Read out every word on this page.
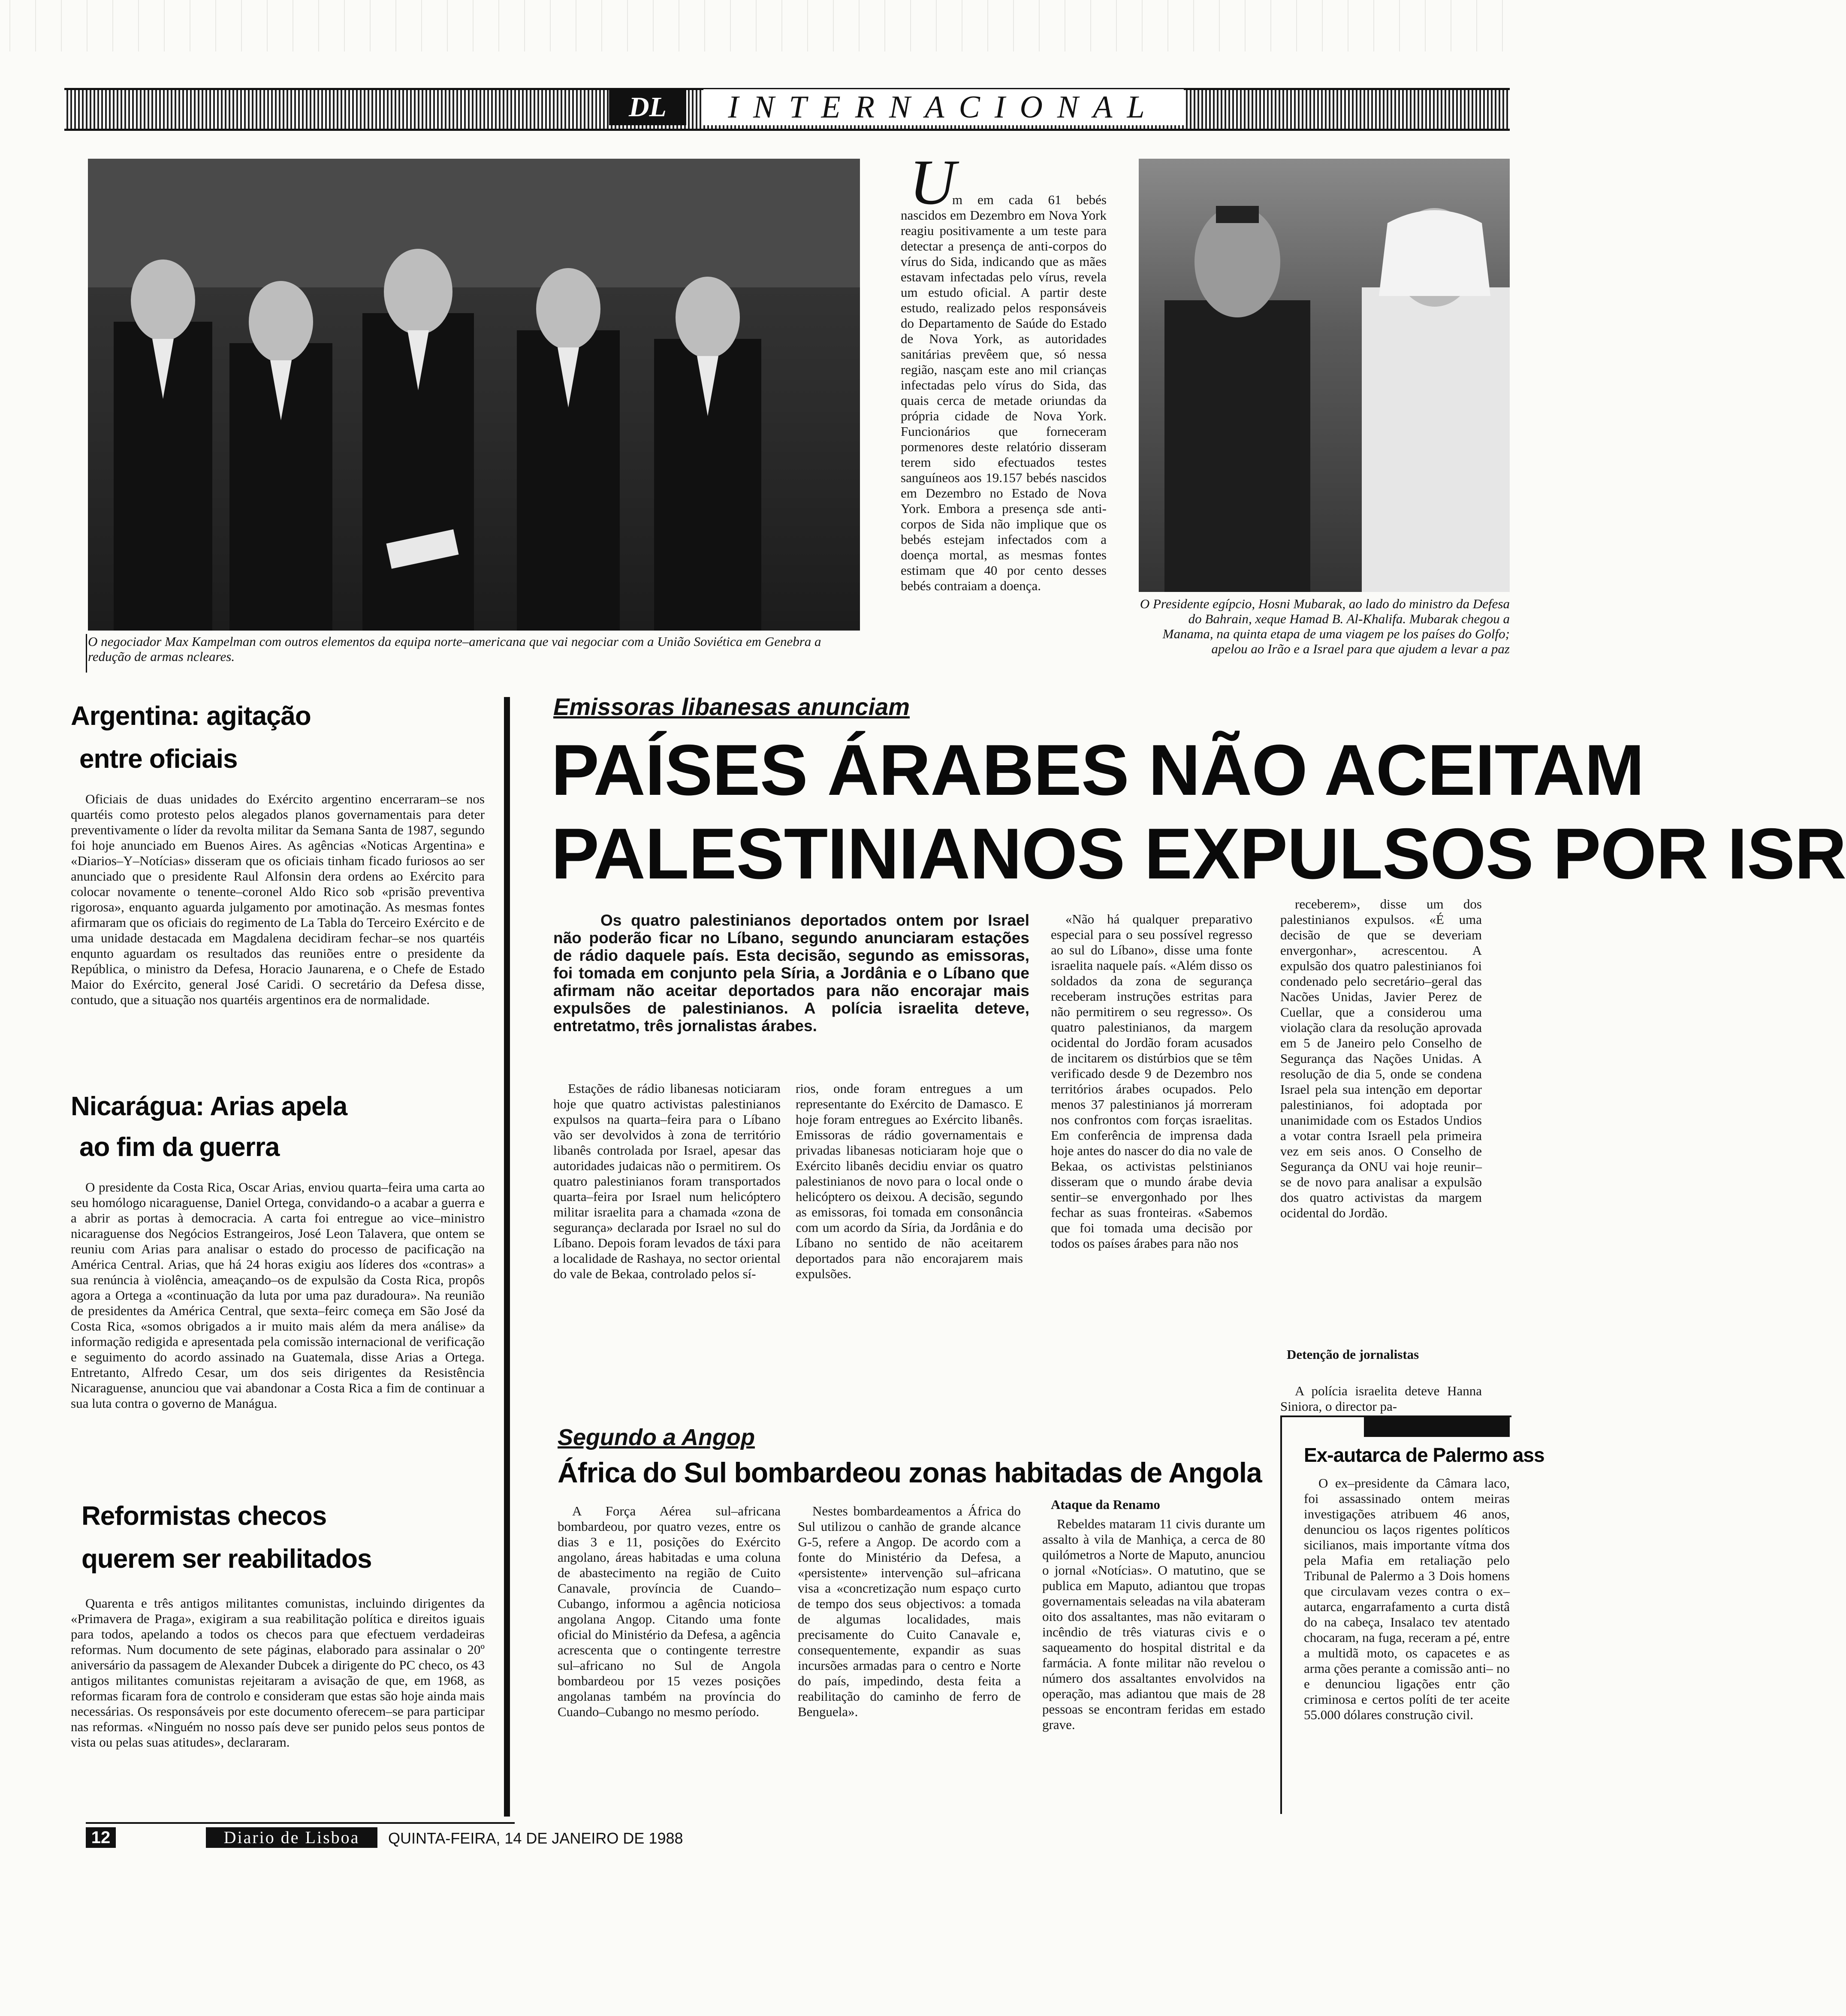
DL	INTERNACIONAL
O negociador Max Kampelman com outros elementos da equipa norte–americana que vai negociar com a União Soviética em Genebra a redução de armas ncleares.
U
m em cada 61 bebés nascidos em Dezembro em Nova York reagiu positivamente a um teste para detectar a presença de anti-corpos do vírus do Sida, indicando que as mães estavam infectadas pelo vírus, revela um estudo oficial. A partir deste estudo, realizado pelos responsáveis do Departamento de Saúde do Estado de Nova York, as autoridades sanitárias prevêem que, só nessa região, nasçam este ano mil crianças infectadas pelo vírus do Sida, das quais cerca de metade oriundas da própria cidade de Nova York. Funcionários que forneceram pormenores deste relatório disseram terem sido efectuados testes sanguíneos aos 19.157 bebés nascidos em Dezembro no Estado de Nova York. Embora a presença sde anti-corpos de Sida não implique que os bebés estejam infectados com a doença mortal, as mesmas fontes estimam que 40 por cento desses bebés contraiam a doença.
O Presidente egípcio, Hosni Mubarak, ao lado do ministro da Defesa do Bahrain, xeque Hamad B. Al-Khalifa. Mubarak chegou a Manama, na quinta etapa de uma viagem pe los países do Golfo; apelou ao Irão e a Israel para que ajudem a levar a paz
Argentina: agitação
entre oficiais
Oficiais de duas unidades do Exército argentino encerraram–se nos quartéis como protesto pelos alegados planos governamentais para deter preventivamente o líder da revolta militar da Semana Santa de 1987, segundo foi hoje anunciado em Buenos Aires. As agências «Noticas Argentina» e «Diarios–Y–Notícias» disseram que os oficiais tinham ficado furiosos ao ser anunciado que o presidente Raul Alfonsin dera ordens ao Exército para colocar novamente o tenente–coronel Aldo Rico sob «prisão preventiva rigorosa», enquanto aguarda julgamento por amotinação. As mesmas fontes afirmaram que os oficiais do regimento de La Tabla do Terceiro Exército e de uma unidade destacada em Magdalena decidiram fechar–se nos quartéis enqunto aguardam os resultados das reuniões entre o presidente da República, o ministro da Defesa, Horacio Jaunarena, e o Chefe de Estado Maior do Exército, general José Caridi. O secretário da Defesa disse, contudo, que a situação nos quartéis argentinos era de normalidade.
Nicarágua: Arias apela
ao fim da guerra
O presidente da Costa Rica, Oscar Arias, enviou quarta–feira uma carta ao seu homólogo nicaraguense, Daniel Ortega, convidando-o a acabar a guerra e a abrir as portas à democracia. A carta foi entregue ao vice–ministro nicaraguense dos Negócios Estrangeiros, José Leon Talavera, que ontem se reuniu com Arias para analisar o estado do processo de pacificação na América Central. Arias, que há 24 horas exigiu aos líderes dos «contras» a sua renúncia à violência, ameaçando–os de expulsão da Costa Rica, propôs agora a Ortega a «continuação da luta por uma paz duradoura». Na reunião de presidentes da América Central, que sexta–feirc começa em São José da Costa Rica, «somos obrigados a ir muito mais além da mera análise» da informação redigida e apresentada pela comissão internacional de verificação e seguimento do acordo assinado na Guatemala, disse Arias a Ortega. Entretanto, Alfredo Cesar, um dos seis dirigentes da Resistência Nicaraguense, anunciou que vai abandonar a Costa Rica a fim de continuar a sua luta contra o governo de Manágua.
Reformistas checos
querem ser reabilitados
Quarenta e três antigos militantes comunistas, incluindo dirigentes da «Primavera de Praga», exigiram a sua reabilitação política e direitos iguais para todos, apelando a todos os checos para que efectuem verdadeiras reformas. Num documento de sete páginas, elaborado para assinalar o 20º aniversário da passagem de Alexander Dubcek a dirigente do PC checo, os 43 antigos militantes comunistas rejeitaram a avisação de que, em 1968, as reformas ficaram fora de controlo e consideram que estas são hoje ainda mais necessárias. Os responsáveis por este documento oferecem–se para participar nas reformas. «Ninguém no nosso país deve ser punido pelos seus pontos de vista ou pelas suas atitudes», declararam.
Emissoras libanesas anunciam
PAÍSES ÁRABES NÃO ACEITAM
PALESTINIANOS EXPULSOS POR ISR
Os quatro palestinianos deportados ontem por Israel não poderão ficar no Líbano, segundo anunciaram estações de rádio daquele país. Esta decisão, segundo as emissoras, foi tomada em conjunto pela Síria, a Jordânia e o Líbano que afirmam não aceitar deportados para não encorajar mais expulsões de palestinianos. A polícia israelita deteve, entretatmo, três jornalistas árabes.
Estações de rádio libanesas noticiaram hoje que quatro activistas palestinianos expulsos na quarta–feira para o Líbano vão ser devolvidos à zona de território libanês controlada por Israel, apesar das autoridades judaicas não o permitirem. Os quatro palestinianos foram transportados quarta–feira por Israel num helicóptero militar israelita para a chamada «zona de segurança» declarada por Israel no sul do Líbano. Depois foram levados de táxi para a localidade de Rashaya, no sector oriental do vale de Bekaa, controlado pelos sí-
rios, onde foram entregues a um representante do Exército de Damasco. E hoje foram entregues ao Exército libanês. Emissoras de rádio governamentais e privadas libanesas noticiaram hoje que o Exército libanês decidiu enviar os quatro palestinianos de novo para o local onde o helicóptero os deixou. A decisão, segundo as emissoras, foi tomada em consonância com um acordo da Síria, da Jordânia e do Líbano no sentido de não aceitarem deportados para não encorajarem mais expulsões.
«Não há qualquer preparativo especial para o seu possível regresso ao sul do Líbano», disse uma fonte israelita naquele país. «Além disso os soldados da zona de segurança receberam instruções estritas para não permitirem o seu regresso». Os quatro palestinianos, da margem ocidental do Jordão foram acusados de incitarem os distúrbios que se têm verificado desde 9 de Dezembro nos territórios árabes ocupados. Pelo menos 37 palestinianos já morreram nos confrontos com forças israelitas. Em conferência de imprensa dada hoje antes do nascer do dia no vale de Bekaa, os activistas pelstinianos disseram que o mundo árabe devia sentir–se envergonhado por lhes fechar as suas fronteiras. «Sabemos que foi tomada uma decisão por todos os países árabes para não nos
receberem», disse um dos palestinianos expulsos. «É uma decisão de que se deveriam envergonhar», acrescentou. A expulsão dos quatro palestinianos foi condenado pelo secretário–geral das Nacões Unidas, Javier Perez de Cuellar, que a considerou uma violação clara da resolução aprovada em 5 de Janeiro pelo Conselho de Segurança das Nações Unidas. A resolução de dia 5, onde se condena Israel pela sua intenção em deportar palestinianos, foi adoptada por unanimidade com os Estados Undios a votar contra Israell pela primeira vez em seis anos. O Conselho de Segurança da ONU vai hoje reunir–se de novo para analisar a expulsão dos quatro activistas da margem ocidental do Jordão.
Detenção de jornalistas
A polícia israelita deteve Hanna Siniora, o director pa-
Segundo a Angop
África do Sul bombardeou zonas habitadas de Angola
A Força Aérea sul–africana bombardeou, por quatro vezes, entre os dias 3 e 11, posições do Exército angolano, áreas habitadas e uma coluna de abastecimento na região de Cuito Canavale, província de Cuando–Cubango, informou a agência noticiosa angolana Angop. Citando uma fonte oficial do Ministério da Defesa, a agência acrescenta que o contingente terrestre sul–africano no Sul de Angola bombardeou por 15 vezes posições angolanas também na província do Cuando–Cubango no mesmo período.
Nestes bombardeamentos a África do Sul utilizou o canhão de grande alcance G-5, refere a Angop. De acordo com a fonte do Ministério da Defesa, a «persistente» intervenção sul–africana visa a «concretização num espaço curto de tempo dos seus objectivos: a tomada de algumas localidades, mais precisamente do Cuito Canavale e, consequentemente, expandir as suas incursões armadas para o centro e Norte do país, impedindo, desta feita a reabilitação do caminho de ferro de Benguela».
Ataque da Renamo
Rebeldes mataram 11 civis durante um assalto à vila de Manhiça, a cerca de 80 quilómetros a Norte de Maputo, anunciou o jornal «Notícias». O matutino, que se publica em Maputo, adiantou que tropas governamentais seleadas na vila abateram oito dos assaltantes, mas não evitaram o incêndio de três viaturas civis e o saqueamento do hospital distrital e da farmácia. A fonte militar não revelou o número dos assaltantes envolvidos na operação, mas adiantou que mais de 28 pessoas se encontram feridas em estado grave.
Ex-autarca de Palermo ass
O ex–presidente da Câmara laco, foi assassinado ontem meiras investigações atribuem 46 anos, denunciou os laços rigentes políticos sicilianos, mais importante vítma dos pela Mafia em retaliação pelo Tribunal de Palermo a 3 Dois homens que circulavam vezes contra o ex–autarca, engarrafamento a curta distâ do na cabeça, Insalaco tev atentado chocaram, na fuga, receram a pé, entre a multidã moto, os capacetes e as arma ções perante a comissão anti– no e denunciou ligações entr ção criminosa e certos políti de ter aceite 55.000 dólares construção civil.
12	Diario de Lisboa	QUINTA-FEIRA, 14 DE JANEIRO DE 1988
